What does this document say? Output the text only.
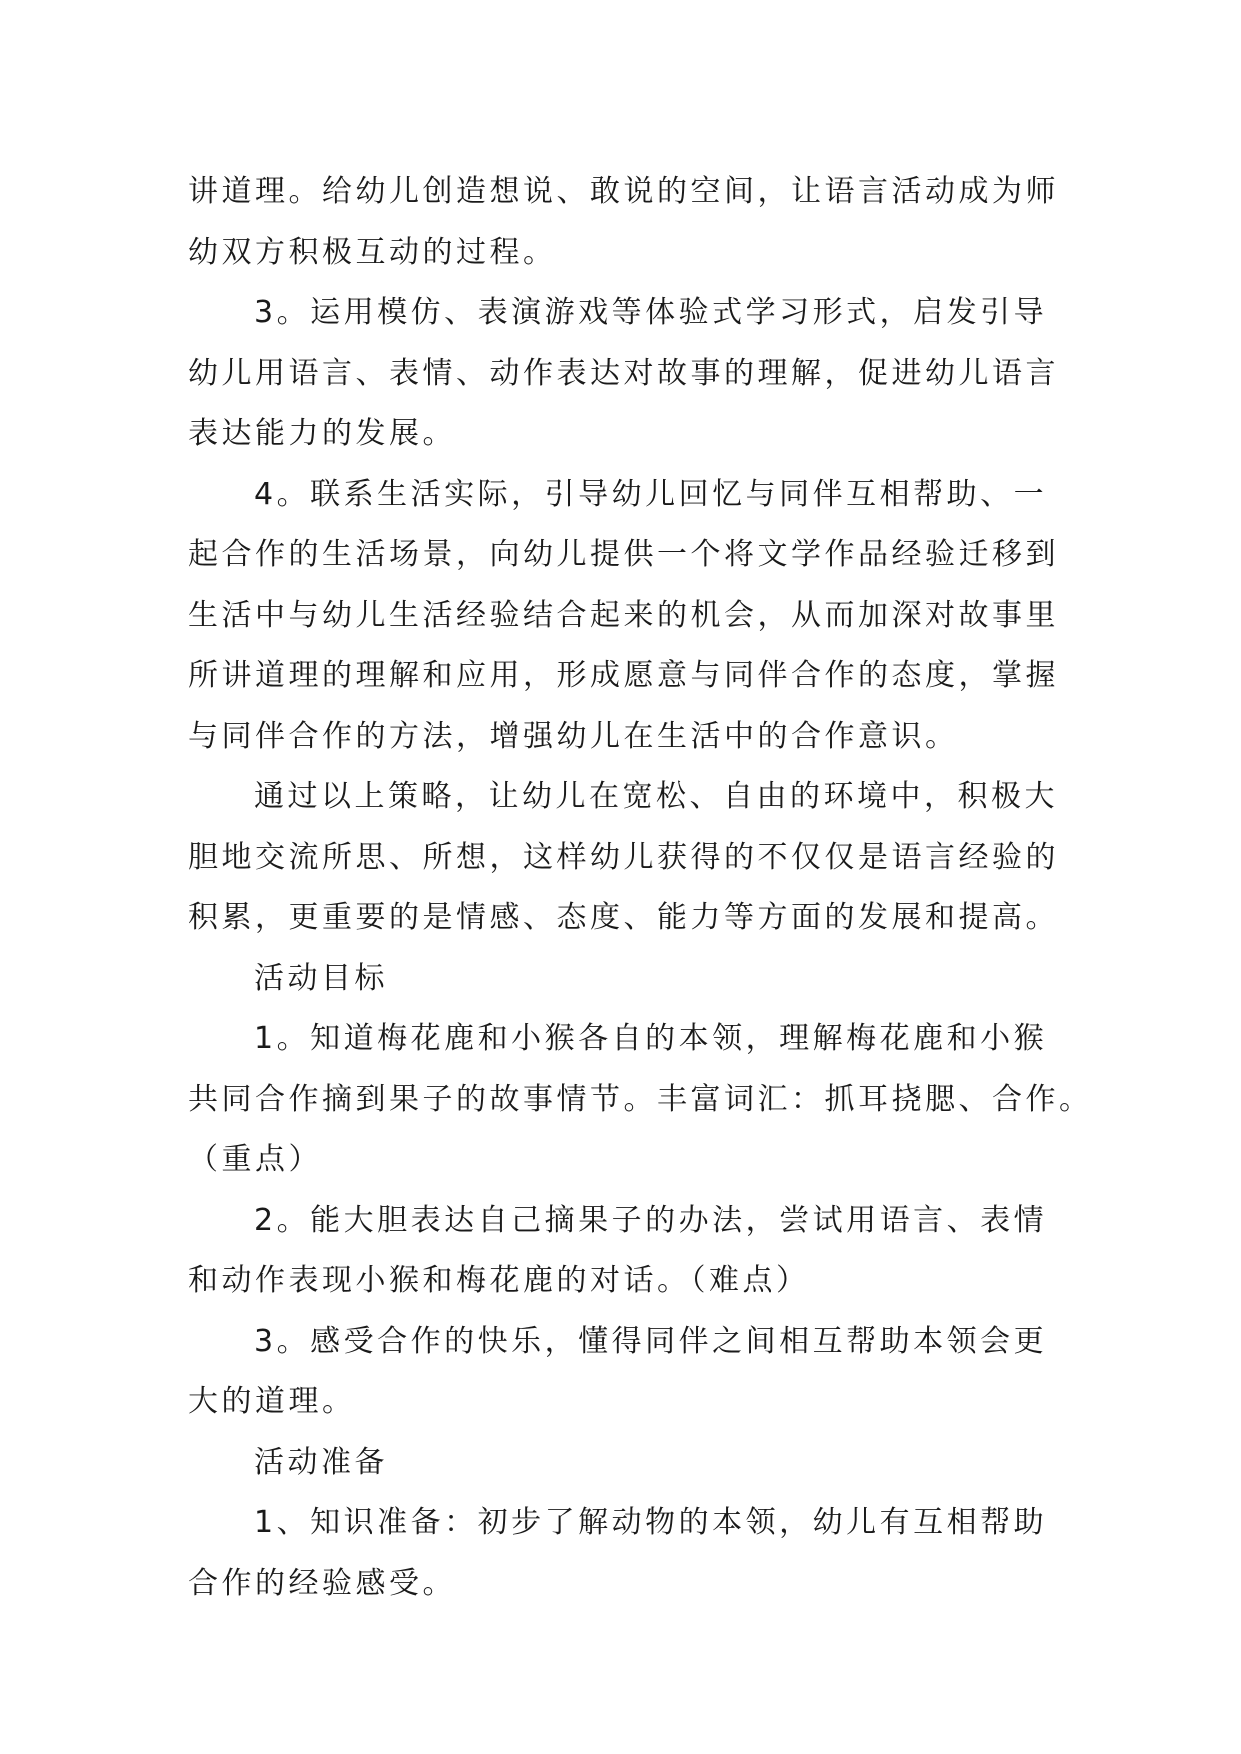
讲道理。给幼儿创造想说、敢说的空间，让语言活动成为师
幼双方积极互动的过程。
3。运用模仿、表演游戏等体验式学习形式，启发引导
幼儿用语言、表情、动作表达对故事的理解，促进幼儿语言
表达能力的发展。
4。联系生活实际，引导幼儿回忆与同伴互相帮助、一
起合作的生活场景，向幼儿提供一个将文学作品经验迁移到
生活中与幼儿生活经验结合起来的机会，从而加深对故事里
所讲道理的理解和应用，形成愿意与同伴合作的态度，掌握
与同伴合作的方法，增强幼儿在生活中的合作意识。
通过以上策略，让幼儿在宽松、自由的环境中，积极大
胆地交流所思、所想，这样幼儿获得的不仅仅是语言经验的
积累，更重要的是情感、态度、能力等方面的发展和提高。
活动目标
1。知道梅花鹿和小猴各自的本领，理解梅花鹿和小猴
共同合作摘到果子的故事情节。丰富词汇：抓耳挠腮、合作。
（重点）
2。能大胆表达自己摘果子的办法，尝试用语言、表情
和动作表现小猴和梅花鹿的对话。（难点）
3。感受合作的快乐，懂得同伴之间相互帮助本领会更
大的道理。
活动准备
1、知识准备：初步了解动物的本领，幼儿有互相帮助
合作的经验感受。
